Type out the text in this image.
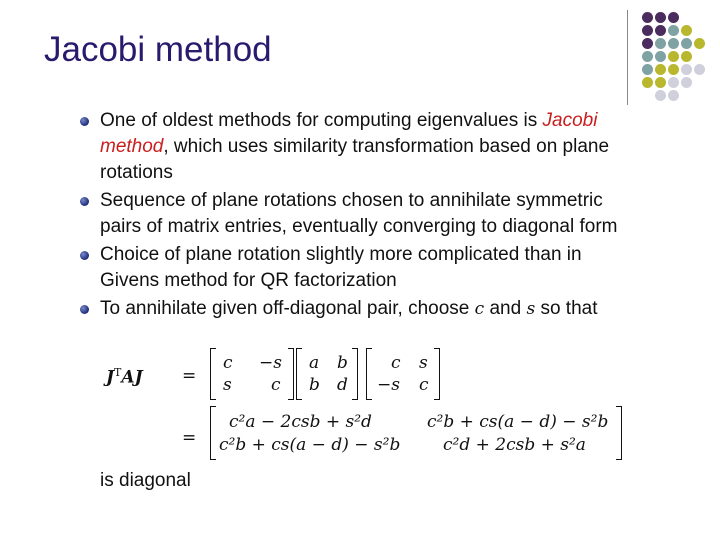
Jacobi method
One of oldest methods for computing eigenvalues is Jacobi method, which uses similarity transformation based on plane rotations
Sequence of plane rotations chosen to annihilate symmetric pairs of matrix entries, eventually converging to diagonal form
Choice of plane rotation slightly more complicated than in Givens method for QR factorization
To annihilate given off-diagonal pair, choose c and s so that
$J^TAJ$ =
c −s
s c
a b
b d
c s
−s c
=
c²a − 2csb + s²d	c²b + cs(a − d) − s²b
c²b + cs(a − d) − s²b	c²d + 2csb + s²a
is diagonal
